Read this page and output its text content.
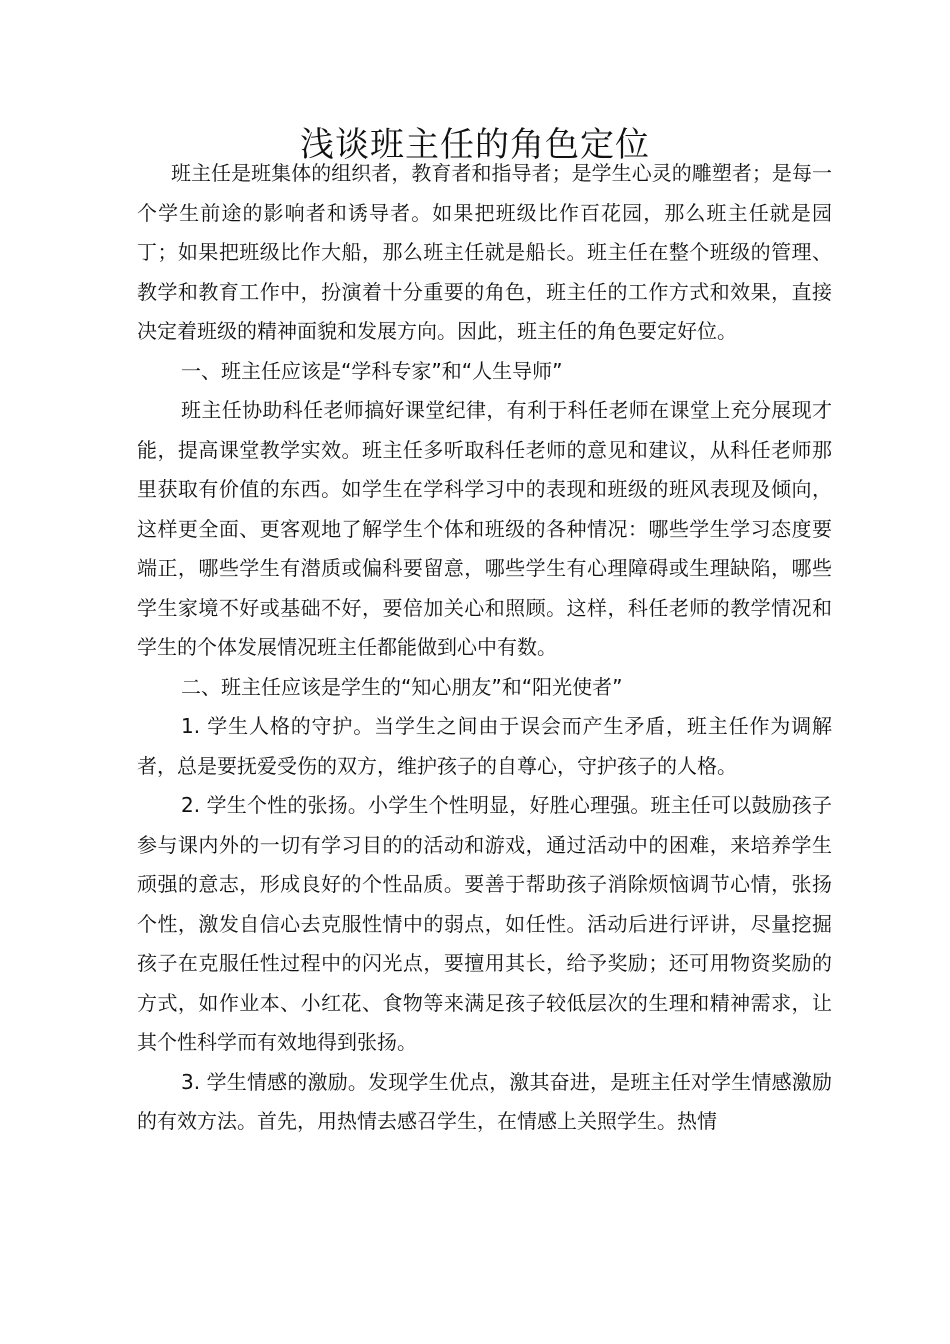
浅谈班主任的角色定位

班主任是班集体的组织者，教育者和指导者；是学生心灵的雕塑者；是每一个学生前途的影响者和诱导者。如果把班级比作百花园，那么班主任就是园丁；如果把班级比作大船，那么班主任就是船长。班主任在整个班级的管理、教学和教育工作中，扮演着十分重要的角色，班主任的工作方式和效果，直接决定着班级的精神面貌和发展方向。因此，班主任的角色要定好位。

一、班主任应该是“学科专家”和“人生导师”

班主任协助科任老师搞好课堂纪律，有利于科任老师在课堂上充分展现才能，提高课堂教学实效。班主任多听取科任老师的意见和建议，从科任老师那里获取有价值的东西。如学生在学科学习中的表现和班级的班风表现及倾向，这样更全面、更客观地了解学生个体和班级的各种情况：哪些学生学习态度要端正，哪些学生有潜质或偏科要留意，哪些学生有心理障碍或生理缺陷，哪些学生家境不好或基础不好，要倍加关心和照顾。这样，科任老师的教学情况和学生的个体发展情况班主任都能做到心中有数。

二、班主任应该是学生的“知心朋友”和“阳光使者”

1. 学生人格的守护。当学生之间由于误会而产生矛盾，班主任作为调解者，总是要抚爱受伤的双方，维护孩子的自尊心，守护孩子的人格。

2. 学生个性的张扬。小学生个性明显，好胜心理强。班主任可以鼓励孩子参与课内外的一切有学习目的的活动和游戏，通过活动中的困难，来培养学生顽强的意志，形成良好的个性品质。要善于帮助孩子消除烦恼调节心情，张扬个性，激发自信心去克服性情中的弱点，如任性。活动后进行评讲，尽量挖掘孩子在克服任性过程中的闪光点，要擅用其长，给予奖励；还可用物资奖励的方式，如作业本、小红花、食物等来满足孩子较低层次的生理和精神需求，让其个性科学而有效地得到张扬。

3. 学生情感的激励。发现学生优点，激其奋进，是班主任对学生情感激励的有效方法。首先，用热情去感召学生，在情感上关照学生。热情
